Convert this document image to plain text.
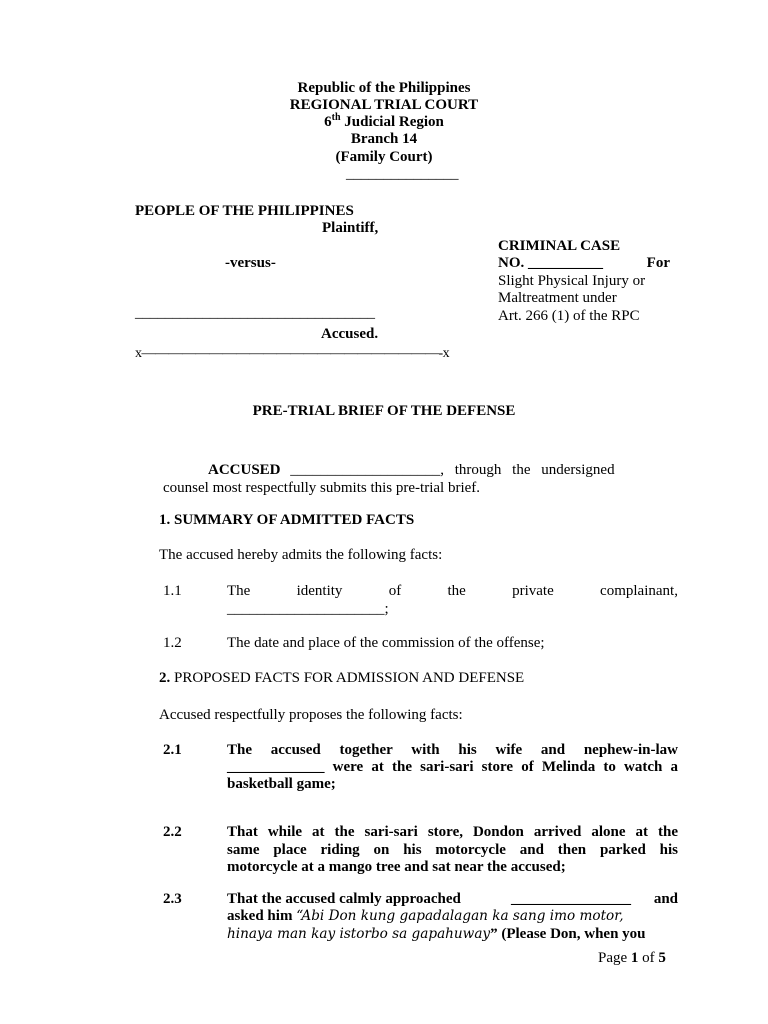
Republic of the Philippines
REGIONAL TRIAL COURT
6th Judicial Region
Branch 14
(Family Court)
_______________
PEOPLE OF THE PHILIPPINES
Plaintiff,
-versus-
________________________________
Accused.
x——————————————————————-x
CRIMINAL CASE
NO. __________	For
Slight Physical Injury or
Maltreatment under
Art. 266 (1) of the RPC
PRE-TRIAL BRIEF OF THE DEFENSE
ACCUSED ____________________, through the undersigned
counsel most respectfully submits this pre-trial brief.
1. SUMMARY OF ADMITTED FACTS
The accused hereby admits the following facts:
1.1	The	identity	of	the	private	complainant,
_____________________;
1.2	The date and place of the commission of the offense;
2. PROPOSED FACTS FOR ADMISSION AND DEFENSE
Accused respectfully proposes the following facts:
2.1	The accused together with his wife and nephew-in-law
_____________ were at the sari-sari store of Melinda to watch a
basketball game;
2.2	That while at the sari-sari store, Dondon arrived alone at the
same place riding on his motorcycle and then parked his
motorcycle at a mango tree and sat near the accused;
2.3	That the accused calmly approached	________________ and
asked him “Abi Don kung gapadalagan ka sang imo motor,
hinaya man kay istorbo sa gapahuway” (Please Don, when you
Page 1 of 5
